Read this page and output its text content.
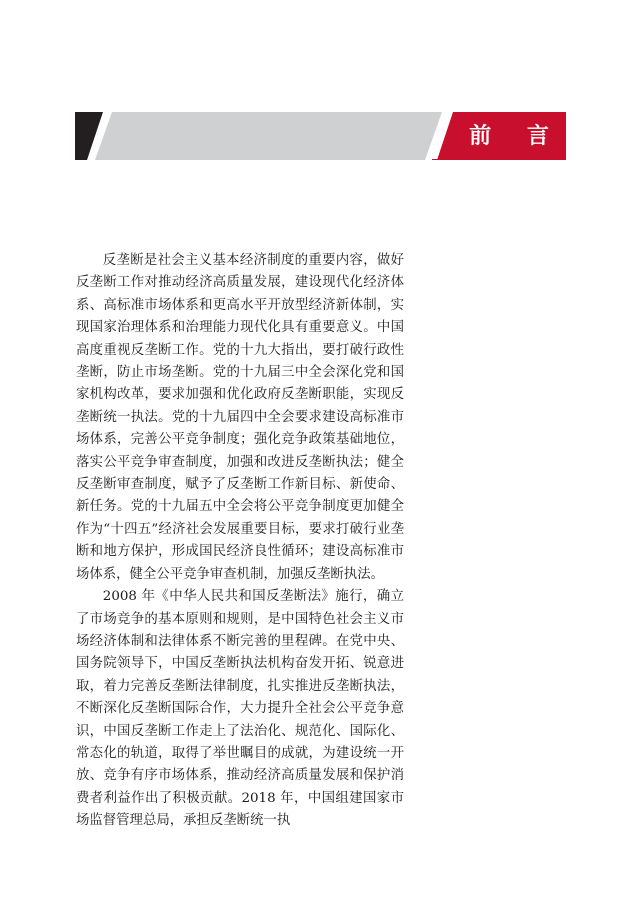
前 言

反垄断是社会主义基本经济制度的重要内容，做好反垄断工作对推动经济高质量发展，建设现代化经济体系、高标准市场体系和更高水平开放型经济新体制，实现国家治理体系和治理能力现代化具有重要意义。中国高度重视反垄断工作。党的十九大指出，要打破行政性垄断，防止市场垄断。党的十九届三中全会深化党和国家机构改革，要求加强和优化政府反垄断职能，实现反垄断统一执法。党的十九届四中全会要求建设高标准市场体系，完善公平竞争制度；强化竞争政策基础地位，落实公平竞争审查制度，加强和改进反垄断执法；健全反垄断审查制度，赋予了反垄断工作新目标、新使命、新任务。党的十九届五中全会将公平竞争制度更加健全作为“十四五”经济社会发展重要目标，要求打破行业垄断和地方保护，形成国民经济良性循环；建设高标准市场体系，健全公平竞争审查机制，加强反垄断执法。

2008 年《中华人民共和国反垄断法》施行，确立了市场竞争的基本原则和规则，是中国特色社会主义市场经济体制和法律体系不断完善的里程碑。在党中央、国务院领导下，中国反垄断执法机构奋发开拓、锐意进取，着力完善反垄断法律制度，扎实推进反垄断执法，不断深化反垄断国际合作，大力提升全社会公平竞争意识，中国反垄断工作走上了法治化、规范化、国际化、常态化的轨道，取得了举世瞩目的成就，为建设统一开放、竞争有序市场体系，推动经济高质量发展和保护消费者利益作出了积极贡献。2018 年，中国组建国家市场监督管理总局，承担反垄断统一执
